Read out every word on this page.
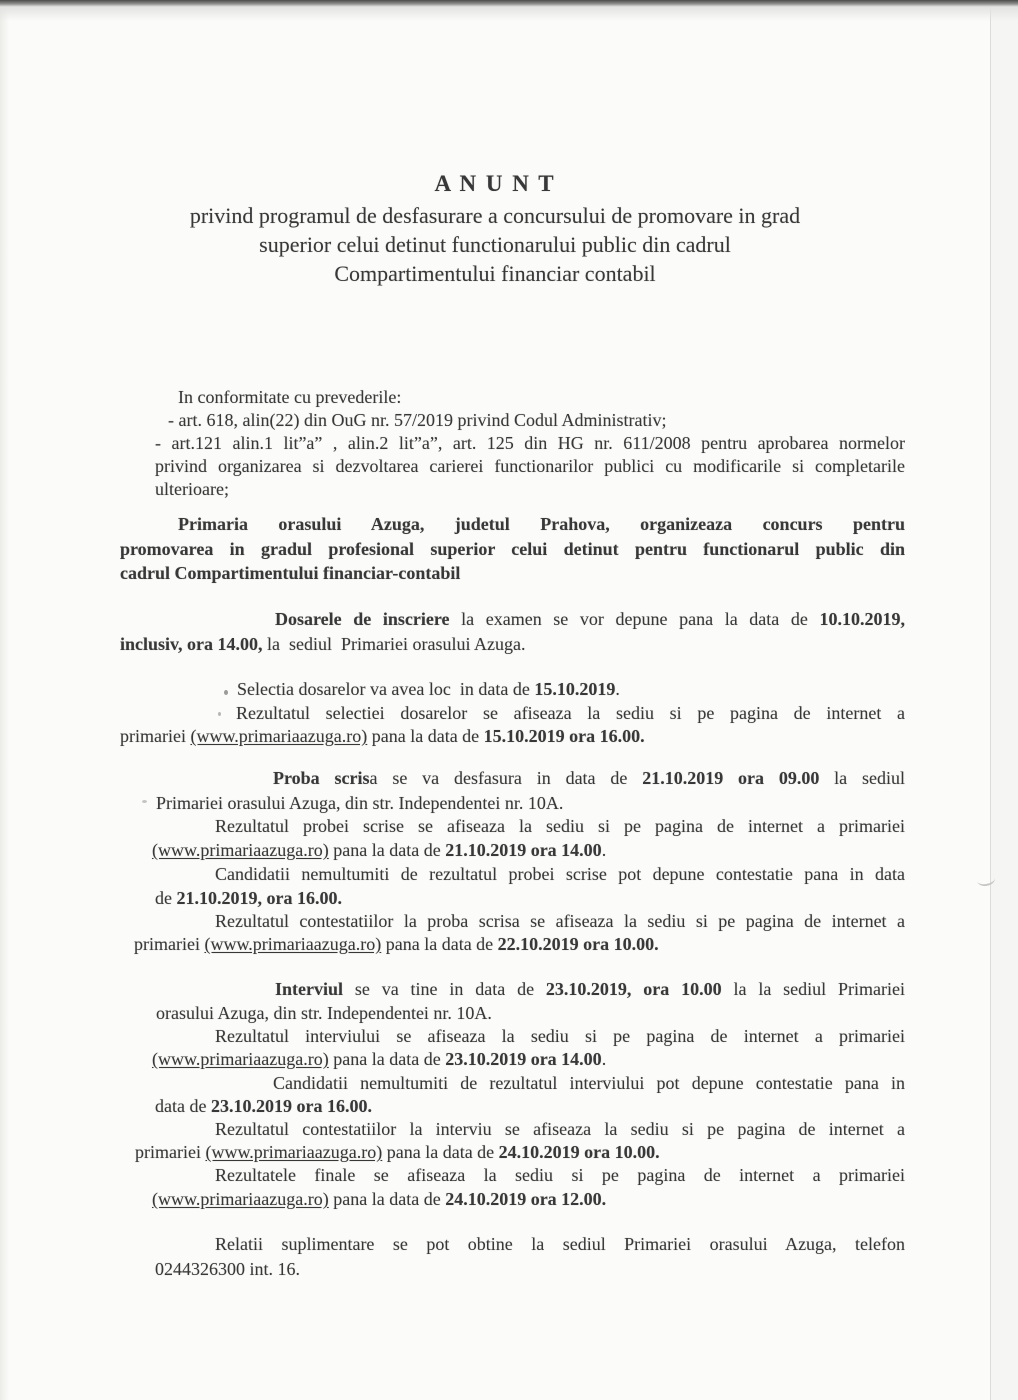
A N U N T
privind programul de desfasurare a concursului de promovare in grad
superior celui detinut functionarului public din cadrul
Compartimentului financiar contabil
In conformitate cu prevederile:
- art. 618, alin(22) din OuG nr. 57/2019 privind Codul Administrativ;
- art.121 alin.1 lit”a” , alin.2 lit”a”, art. 125 din HG nr. 611/2008 pentru aprobarea normelor
privind organizarea si dezvoltarea carierei functionarilor publici cu modificarile si completarile
ulterioare;
Primaria orasului Azuga, judetul Prahova, organizeaza concurs pentru
promovarea in gradul profesional superior celui detinut pentru functionarul public din
cadrul Compartimentului financiar-contabil
Dosarele de inscriere la examen se vor depune pana la data de 10.10.2019,
inclusiv, ora 14.00, la  sediul  Primariei orasului Azuga.
Selectia dosarelor va avea loc  in data de 15.10.2019.
Rezultatul selectiei dosarelor se afiseaza la sediu si pe pagina de internet a
primariei (www.primariaazuga.ro) pana la data de 15.10.2019 ora 16.00.
Proba scrisa se va desfasura in data de 21.10.2019 ora 09.00 la sediul
Primariei orasului Azuga, din str. Independentei nr. 10A.
Rezultatul probei scrise se afiseaza la sediu si pe pagina de internet a primariei
(www.primariaazuga.ro) pana la data de 21.10.2019 ora 14.00.
Candidatii nemultumiti de rezultatul probei scrise pot depune contestatie pana in data
de 21.10.2019, ora 16.00.
Rezultatul contestatiilor la proba scrisa se afiseaza la sediu si pe pagina de internet a
primariei (www.primariaazuga.ro) pana la data de 22.10.2019 ora 10.00.
Interviul se va tine in data de 23.10.2019, ora 10.00 la la sediul Primariei
orasului Azuga, din str. Independentei nr. 10A.
Rezultatul interviului se afiseaza la sediu si pe pagina de internet a primariei
(www.primariaazuga.ro) pana la data de 23.10.2019 ora 14.00.
Candidatii nemultumiti de rezultatul interviului pot depune contestatie pana in
data de 23.10.2019 ora 16.00.
Rezultatul contestatiilor la interviu se afiseaza la sediu si pe pagina de internet a
primariei (www.primariaazuga.ro) pana la data de 24.10.2019 ora 10.00.
Rezultatele finale se afiseaza la sediu si pe pagina de internet a primariei
(www.primariaazuga.ro) pana la data de 24.10.2019 ora 12.00.
Relatii suplimentare se pot obtine la sediul Primariei orasului Azuga, telefon
0244326300 int. 16.
